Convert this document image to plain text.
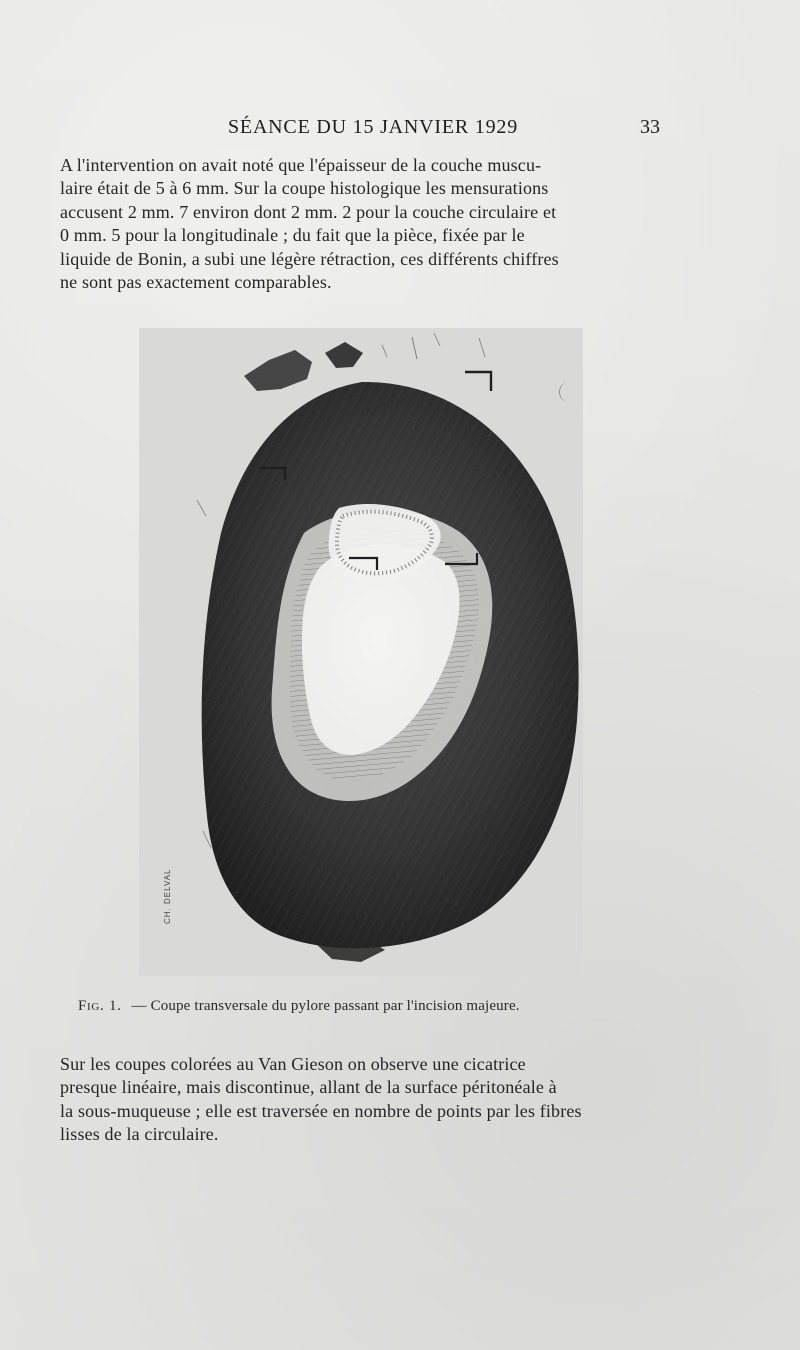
SÉANCE DU 15 JANVIER 1929	33
A l'intervention on avait noté que l'épaisseur de la couche muscu-
laire était de 5 à 6 mm. Sur la coupe histologique les mensurations
accusent 2 mm. 7 environ dont 2 mm. 2 pour la couche circulaire et
0 mm. 5 pour la longitudinale ; du fait que la pièce, fixée par le
liquide de Bonin, a subi une légère rétraction, ces différents chiffres
ne sont pas exactement comparables.
Fig. 1. — Coupe transversale du pylore passant par l'incision majeure.
Sur les coupes colorées au Van Gieson on observe une cicatrice
presque linéaire, mais discontinue, allant de la surface péritonéale à
la sous-muqueuse ; elle est traversée en nombre de points par les fibres
lisses de la circulaire.
